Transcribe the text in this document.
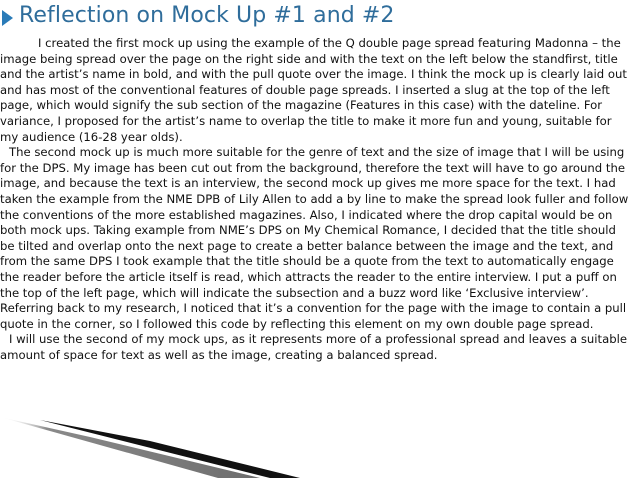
Reflection on Mock Up #1 and #2

I created the first mock up using the example of the Q double page spread featuring Madonna – the image being spread over the page on the right side and with the text on the left below the standfirst, title and the artist’s name in bold, and with the pull quote over the image. I think the mock up is clearly laid out and has most of the conventional features of double page spreads. I inserted a slug at the top of the left page, which would signify the sub section of the magazine (Features in this case) with the dateline. For variance, I proposed for the artist’s name to overlap the title to make it more fun and young, suitable for my audience (16-28 year olds).

The second mock up is much more suitable for the genre of text and the size of image that I will be using for the DPS. My image has been cut out from the background, therefore the text will have to go around the image, and because the text is an interview, the second mock up gives me more space for the text. I had taken the example from the NME DPB of Lily Allen to add a by line to make the spread look fuller and follow the conventions of the more established magazines. Also, I indicated where the drop capital would be on both mock ups. Taking example from NME’s DPS on My Chemical Romance, I decided that the title should be tilted and overlap onto the next page to create a better balance between the image and the text, and from the same DPS I took example that the title should be a quote from the text to automatically engage the reader before the article itself is read, which attracts the reader to the entire interview. I put a puff on the top of the left page, which will indicate the subsection and a buzz word like ‘Exclusive interview’. Referring back to my research, I noticed that it’s a convention for the page with the image to contain a pull quote in the corner, so I followed this code by reflecting this element on my own double page spread.

I will use the second of my mock ups, as it represents more of a professional spread and leaves a suitable amount of space for text as well as the image, creating a balanced spread.
